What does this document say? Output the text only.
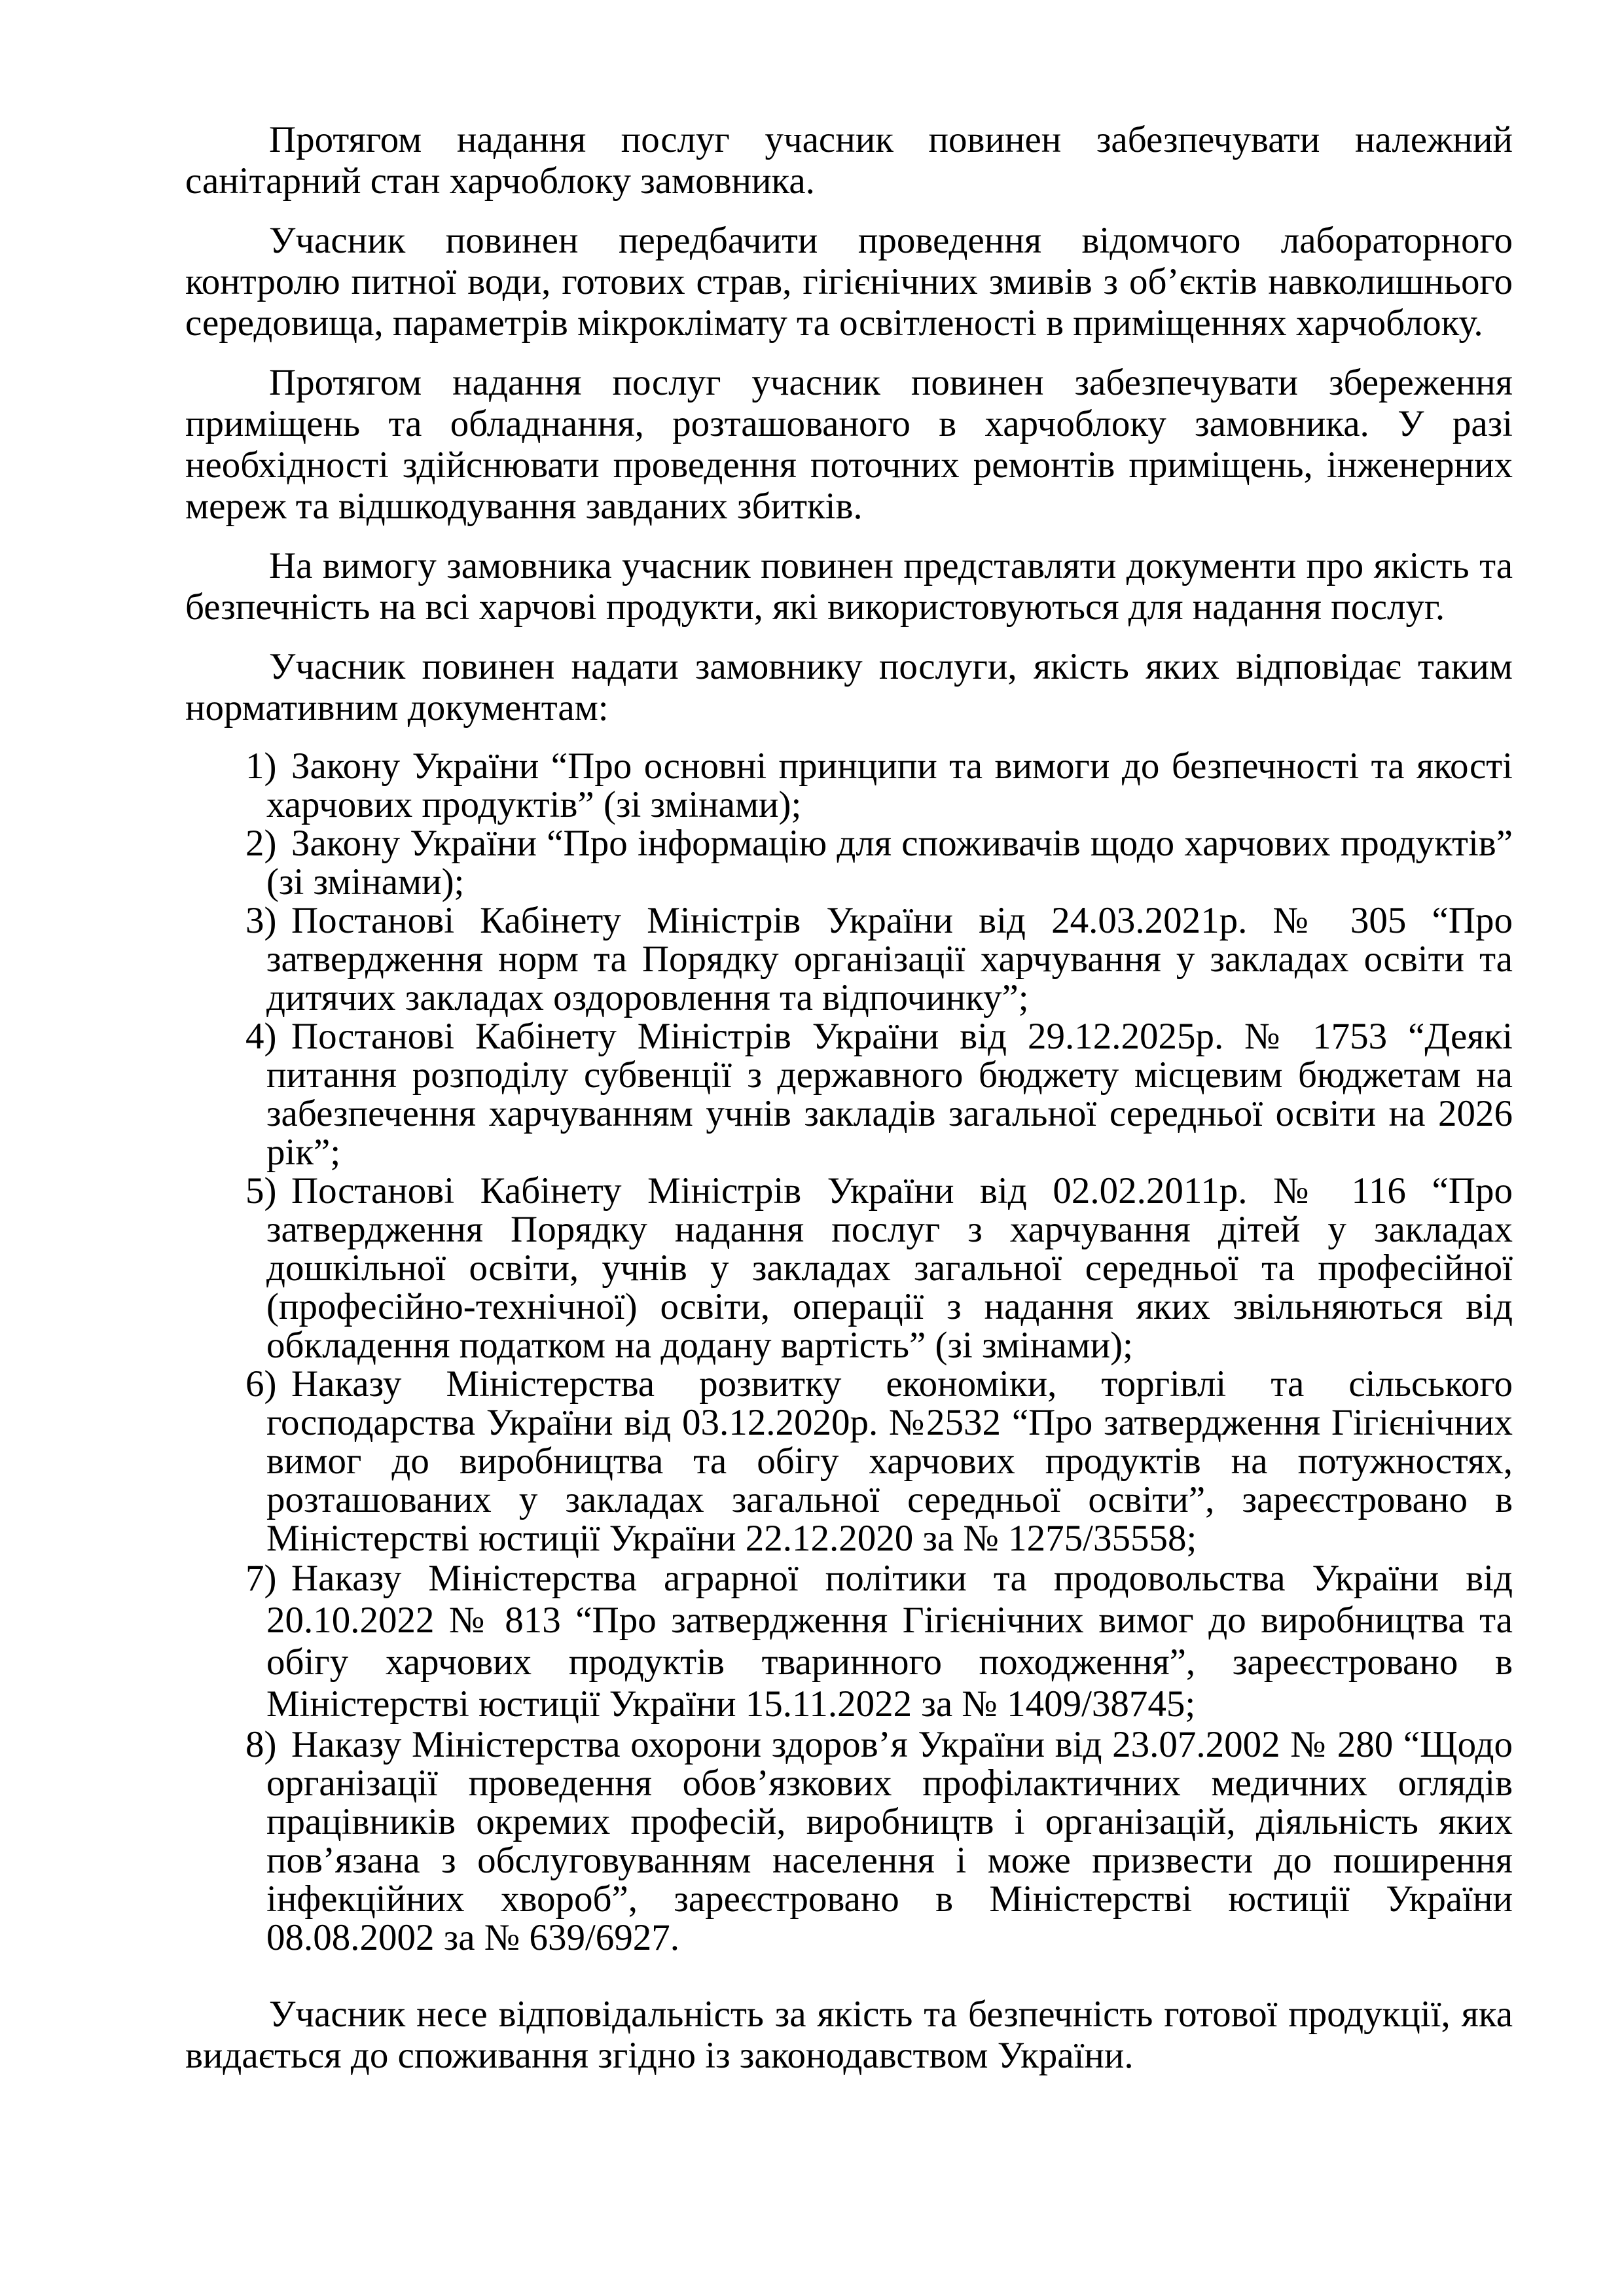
Протягом надання послуг учасник повинен забезпечувати належний санітарний стан харчоблоку замовника.

Учасник повинен передбачити проведення відомчого лабораторного контролю питної води, готових страв, гігієнічних змивів з об’єктів навколишнього середовища, параметрів мікроклімату та освітленості в приміщеннях харчоблоку.

Протягом надання послуг учасник повинен забезпечувати збереження приміщень та обладнання, розташованого в харчоблоку замовника. У разі необхідності здійснювати проведення поточних ремонтів приміщень, інженерних мереж та відшкодування завданих збитків.

На вимогу замовника учасник повинен представляти документи про якість та безпечність на всі харчові продукти, які використовуються для надання послуг.

Учасник повинен надати замовнику послуги, якість яких відповідає таким нормативним документам:

1) Закону України “Про основні принципи та вимоги до безпечності та якості харчових продуктів” (зі змінами);
2) Закону України “Про інформацію для споживачів щодо харчових продуктів” (зі змінами);
3) Постанові Кабінету Міністрів України від 24.03.2021р. № 305 “Про затвердження норм та Порядку організації харчування у закладах освіти та дитячих закладах оздоровлення та відпочинку”;
4) Постанові Кабінету Міністрів України від 29.12.2025р. № 1753 “Деякі питання розподілу субвенції з державного бюджету місцевим бюджетам на забезпечення харчуванням учнів закладів загальної середньої освіти на 2026 рік”;
5) Постанові Кабінету Міністрів України від 02.02.2011р. № 116 “Про затвердження Порядку надання послуг з харчування дітей у закладах дошкільної освіти, учнів у закладах загальної середньої та професійної (професійно-технічної) освіти, операції з надання яких звільняються від обкладення податком на додану вартість” (зі змінами);
6) Наказу Міністерства розвитку економіки, торгівлі та сільського господарства України від 03.12.2020р. №2532 “Про затвердження Гігієнічних вимог до виробництва та обігу харчових продуктів на потужностях, розташованих у закладах загальної середньої освіти”, зареєстровано в Міністерстві юстиції України 22.12.2020 за № 1275/35558;
7) Наказу Міністерства аграрної політики та продовольства України від 20.10.2022 № 813 “Про затвердження Гігієнічних вимог до виробництва та обігу харчових продуктів тваринного походження”, зареєстровано в Міністерстві юстиції України 15.11.2022 за № 1409/38745;
8) Наказу Міністерства охорони здоров’я України від 23.07.2002 № 280 “Щодо організації проведення обов’язкових профілактичних медичних оглядів працівників окремих професій, виробництв і організацій, діяльність яких пов’язана з обслуговуванням населення і може призвести до поширення інфекційних хвороб”, зареєстровано в Міністерстві юстиції України 08.08.2002 за № 639/6927.

Учасник несе відповідальність за якість та безпечність готової продукції, яка видається до споживання згідно із законодавством України.
